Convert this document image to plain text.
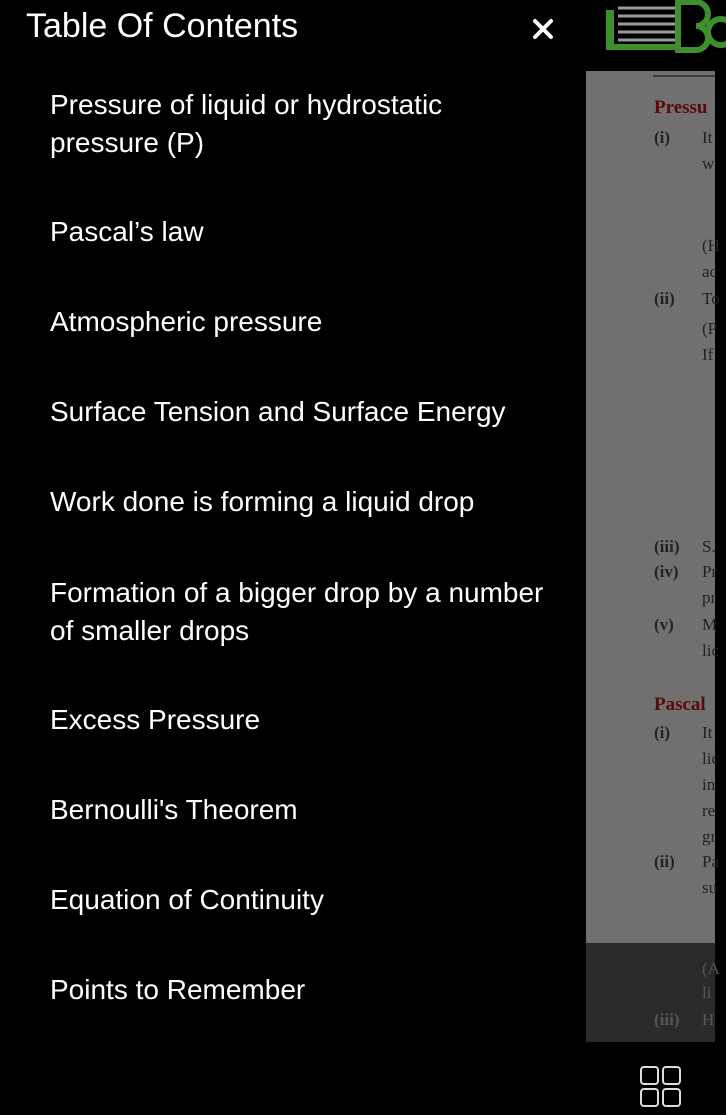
Pressu
(i) It
w
(H
ac
(ii) To
(P
If
(iii) S.
(iv) Pr
pr
(v) M
lic
Pascal
(i) It
lic
in
re
gr
(ii) Pa
su
(A
li
(iii) H
Table Of Contents
Pressure of liquid or hydrostatic pressure (P)
Pascal’s law
Atmospheric pressure
Surface Tension and Surface Energy
Work done is forming a liquid drop
Formation of a bigger drop by a number of smaller drops
Excess Pressure
Bernoulli's Theorem
Equation of Continuity
Points to Remember
